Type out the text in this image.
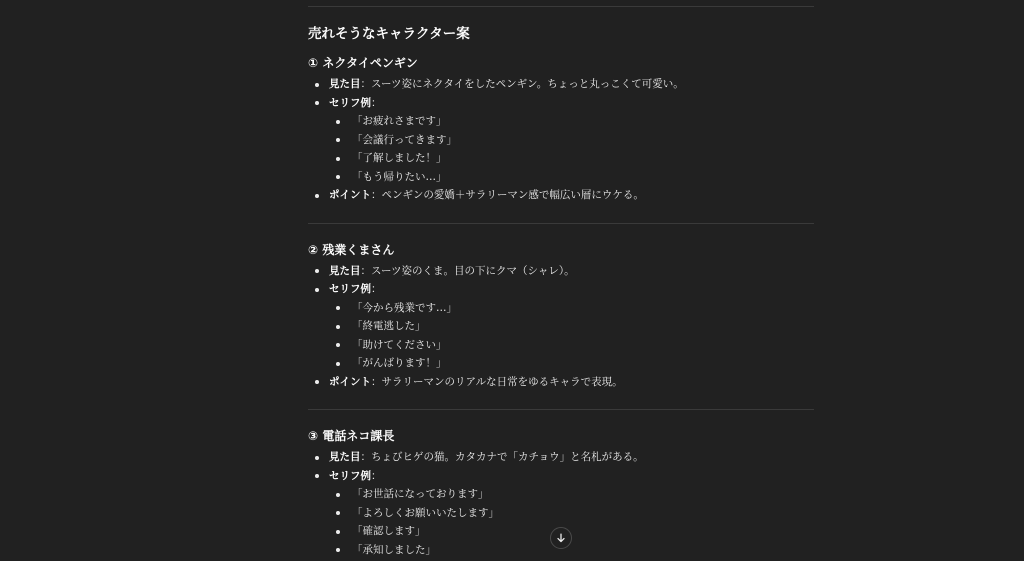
売れそうなキャラクター案
① ネクタイペンギン
見た目：スーツ姿にネクタイをしたペンギン。ちょっと丸っこくて可愛い。
セリフ例：
「お疲れさまです」
「会議行ってきます」
「了解しました！」
「もう帰りたい…」
ポイント：ペンギンの愛嬌＋サラリーマン感で幅広い層にウケる。
② 残業くまさん
見た目：スーツ姿のくま。目の下にクマ（シャレ）。
セリフ例：
「今から残業です…」
「終電逃した」
「助けてください」
「がんばります！」
ポイント：サラリーマンのリアルな日常をゆるキャラで表現。
③ 電話ネコ課長
見た目：ちょびヒゲの猫。カタカナで「カチョウ」と名札がある。
セリフ例：
「お世話になっております」
「よろしくお願いいたします」
「確認します」
「承知しました」
